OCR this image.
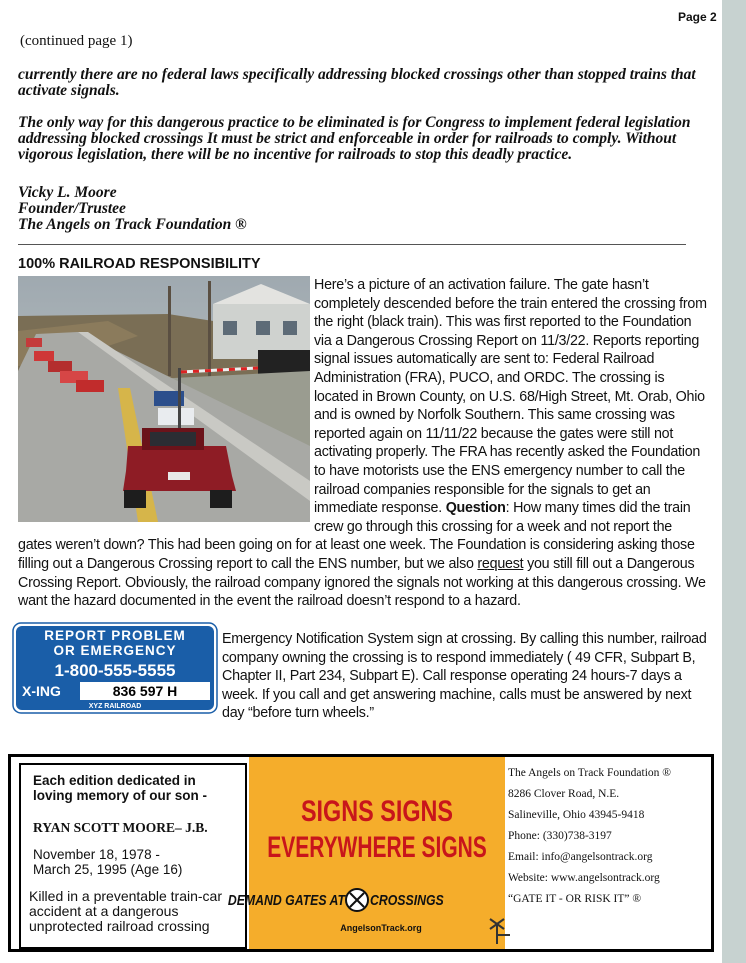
Page 2
(continued page 1)

currently there are no federal laws specifically addressing blocked crossings other than stopped trains that activate signals.

The only way for this dangerous practice to be eliminated is for Congress to implement federal legislation addressing blocked crossings It must be strict and enforceable in order for railroads to comply. Without vigorous legislation, there will be no incentive for railroads to stop this deadly practice.

Vicky L. Moore
Founder/Trustee
The Angels on Track Foundation ®
100% RAILROAD RESPONSIBILITY
Here’s a picture of an activation failure. The gate hasn’t completely descended before the train entered the crossing from the right (black train). This was first reported to the Foundation via a Dangerous Crossing Report on 11/3/22. Reports reporting signal issues automatically are sent to: Federal Railroad Administration (FRA), PUCO, and ORDC. The crossing is located in Brown County, on U.S. 68/High Street, Mt. Orab, Ohio and is owned by Norfolk Southern. This same crossing was reported again on 11/11/22 because the gates were still not activating properly. The FRA has recently asked the Foundation to have motorists use the ENS emergency number to call the railroad companies responsible for the signals to get an immediate response. Question: How many times did the train crew go through this crossing for a week and not report the gates weren’t down? This had been going on for at least one week. The Foundation is considering asking those filling out a Dangerous Crossing report to call the ENS number, but we also request you still fill out a Dangerous Crossing Report. Obviously, the railroad company ignored the signals not working at this dangerous crossing. We want the hazard documented in the event the railroad doesn’t respond to a hazard.
REPORT PROBLEM
OR EMERGENCY
1-800-555-5555
X-ING	836 597 H
XYZ RAILROAD

Emergency Notification System sign at crossing. By calling this number, railroad company owning the crossing is to respond immediately ( 49 CFR, Subpart B, Chapter II, Part 234, Subpart E). Call response operating 24 hours-7 days a week. If you call and get answering machine, calls must be answered by next day “before turn wheels.”

Each edition dedicated in loving memory of our son -
RYAN SCOTT MOORE– J.B.
November 18, 1978 -
March 25, 1995 (Age 16)
Killed in a preventable train-car accident at a dangerous unprotected railroad crossing
SIGNS SIGNS
EVERYWHERE SIGNS
DEMAND GATES AT CROSSINGS
AngelsonTrack.org
The Angels on Track Foundation ®
8286 Clover Road, N.E.
Salineville, Ohio 43945-9418
Phone: (330)738-3197
Email: info@angelsontrack.org
Website: www.angelsontrack.org
“GATE IT - OR RISK IT” ®
